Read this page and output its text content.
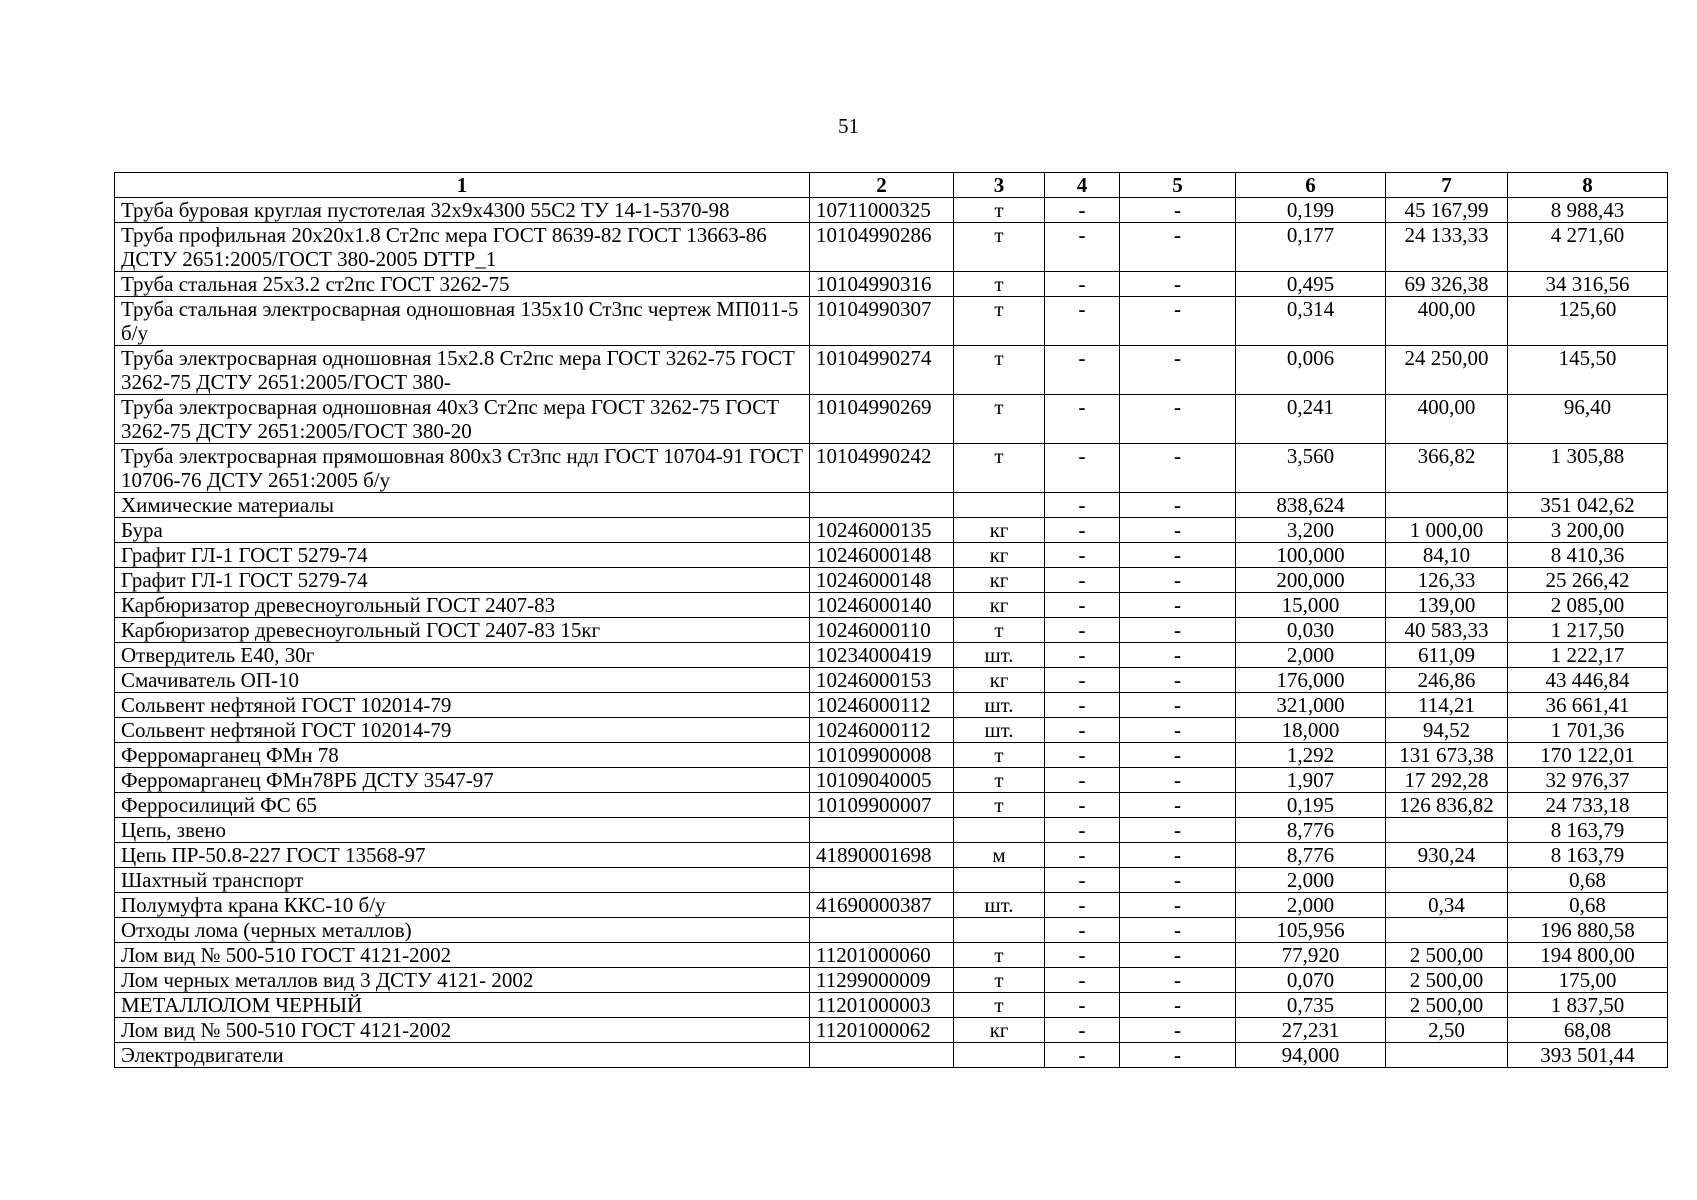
51
1	2	3	4	5	6	7	8
Труба буровая круглая пустотелая 32х9х4300 55С2 ТУ 14-1-5370-98	10711000325	т	-	-	0,199	45 167,99	8 988,43
Труба профильная 20х20х1.8 Ст2пс мера ГОСТ 8639-82 ГОСТ 13663-86 ДСТУ 2651:2005/ГОСТ 380-2005 DTTP_1	10104990286	т	-	-	0,177	24 133,33	4 271,60
Труба стальная 25х3.2 ст2пс ГОСТ 3262-75	10104990316	т	-	-	0,495	69 326,38	34 316,56
Труба стальная электросварная одношовная 135х10 Ст3пс чертеж МП011-5 б/у	10104990307	т	-	-	0,314	400,00	125,60
Труба электросварная одношовная 15х2.8 Ст2пс мера ГОСТ 3262-75 ГОСТ 3262-75 ДСТУ 2651:2005/ГОСТ 380-	10104990274	т	-	-	0,006	24 250,00	145,50
Труба электросварная одношовная 40х3 Ст2пс мера ГОСТ 3262-75 ГОСТ 3262-75 ДСТУ 2651:2005/ГОСТ 380-20	10104990269	т	-	-	0,241	400,00	96,40
Труба электросварная прямошовная 800х3 Ст3пс ндл ГОСТ 10704-91 ГОСТ 10706-76 ДСТУ 2651:2005 б/у	10104990242	т	-	-	3,560	366,82	1 305,88
Химические материалы			-	-	838,624		351 042,62
Бура	10246000135	кг	-	-	3,200	1 000,00	3 200,00
Графит ГЛ-1 ГОСТ 5279-74	10246000148	кг	-	-	100,000	84,10	8 410,36
Графит ГЛ-1 ГОСТ 5279-74	10246000148	кг	-	-	200,000	126,33	25 266,42
Карбюризатор древесноугольный ГОСТ 2407-83	10246000140	кг	-	-	15,000	139,00	2 085,00
Карбюризатор древесноугольный ГОСТ 2407-83 15кг	10246000110	т	-	-	0,030	40 583,33	1 217,50
Отвердитель Е40, 30г	10234000419	шт.	-	-	2,000	611,09	1 222,17
Смачиватель ОП-10	10246000153	кг	-	-	176,000	246,86	43 446,84
Сольвент нефтяной ГОСТ 102014-79	10246000112	шт.	-	-	321,000	114,21	36 661,41
Сольвент нефтяной ГОСТ 102014-79	10246000112	шт.	-	-	18,000	94,52	1 701,36
Ферромарганец ФМн 78	10109900008	т	-	-	1,292	131 673,38	170 122,01
Ферромарганец ФМн78РБ ДСТУ 3547-97	10109040005	т	-	-	1,907	17 292,28	32 976,37
Ферросилиций ФС 65	10109900007	т	-	-	0,195	126 836,82	24 733,18
Цепь, звено			-	-	8,776		8 163,79
Цепь ПР-50.8-227 ГОСТ 13568-97	41890001698	м	-	-	8,776	930,24	8 163,79
Шахтный транспорт			-	-	2,000		0,68
Полумуфта крана ККС-10 б/у	41690000387	шт.	-	-	2,000	0,34	0,68
Отходы лома (черных металлов)			-	-	105,956		196 880,58
Лом вид № 500-510 ГОСТ 4121-2002	11201000060	т	-	-	77,920	2 500,00	194 800,00
Лом черных металлов вид 3 ДСТУ 4121- 2002	11299000009	т	-	-	0,070	2 500,00	175,00
МЕТАЛЛОЛОМ ЧЕРНЫЙ	11201000003	т	-	-	0,735	2 500,00	1 837,50
Лом вид № 500-510 ГОСТ 4121-2002	11201000062	кг	-	-	27,231	2,50	68,08
Электродвигатели			-	-	94,000		393 501,44
